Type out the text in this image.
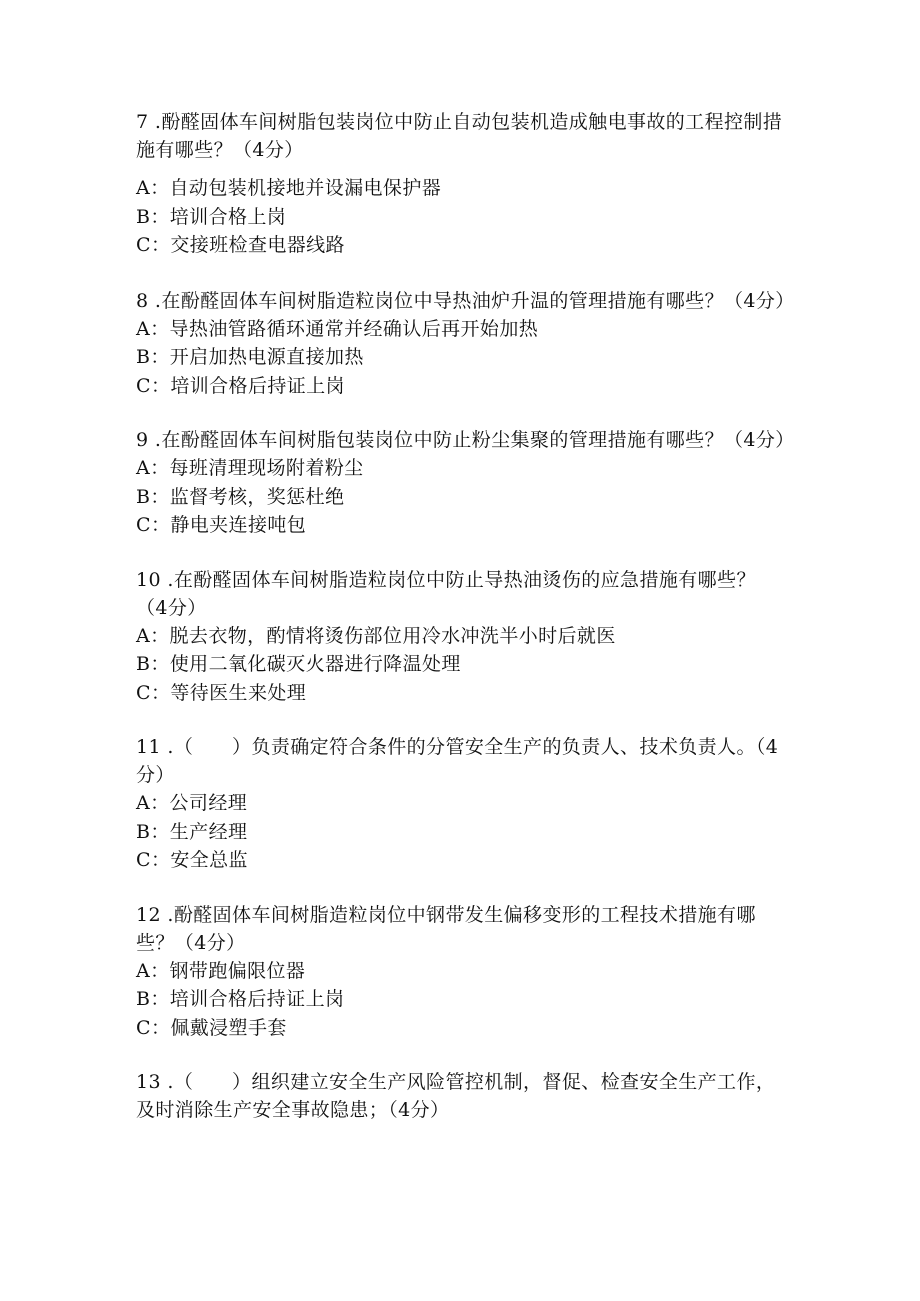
7 .酚醛固体车间树脂包装岗位中防止自动包装机造成触电事故的工程控制措施有哪些？（4分）

A：自动包装机接地并设漏电保护器
B：培训合格上岗
C：交接班检查电器线路

8 .在酚醛固体车间树脂造粒岗位中导热油炉升温的管理措施有哪些？（4分）

A：导热油管路循环通常并经确认后再开始加热
B：开启加热电源直接加热
C：培训合格后持证上岗

9 .在酚醛固体车间树脂包装岗位中防止粉尘集聚的管理措施有哪些？（4分）

A：每班清理现场附着粉尘
B：监督考核，奖惩杜绝
C：静电夹连接吨包

10 .在酚醛固体车间树脂造粒岗位中防止导热油烫伤的应急措施有哪些？（4分）

A：脱去衣物，酌情将烫伤部位用冷水冲洗半小时后就医
B：使用二氧化碳灭火器进行降温处理
C：等待医生来处理

11 .（　　）负责确定符合条件的分管安全生产的负责人、技术负责人。（4分）

A：公司经理
B：生产经理
C：安全总监

12 .酚醛固体车间树脂造粒岗位中钢带发生偏移变形的工程技术措施有哪些？（4分）

A：钢带跑偏限位器
B：培训合格后持证上岗
C：佩戴浸塑手套

13 .（　　）组织建立安全生产风险管控机制，督促、检查安全生产工作，及时消除生产安全事故隐患；（4分）
